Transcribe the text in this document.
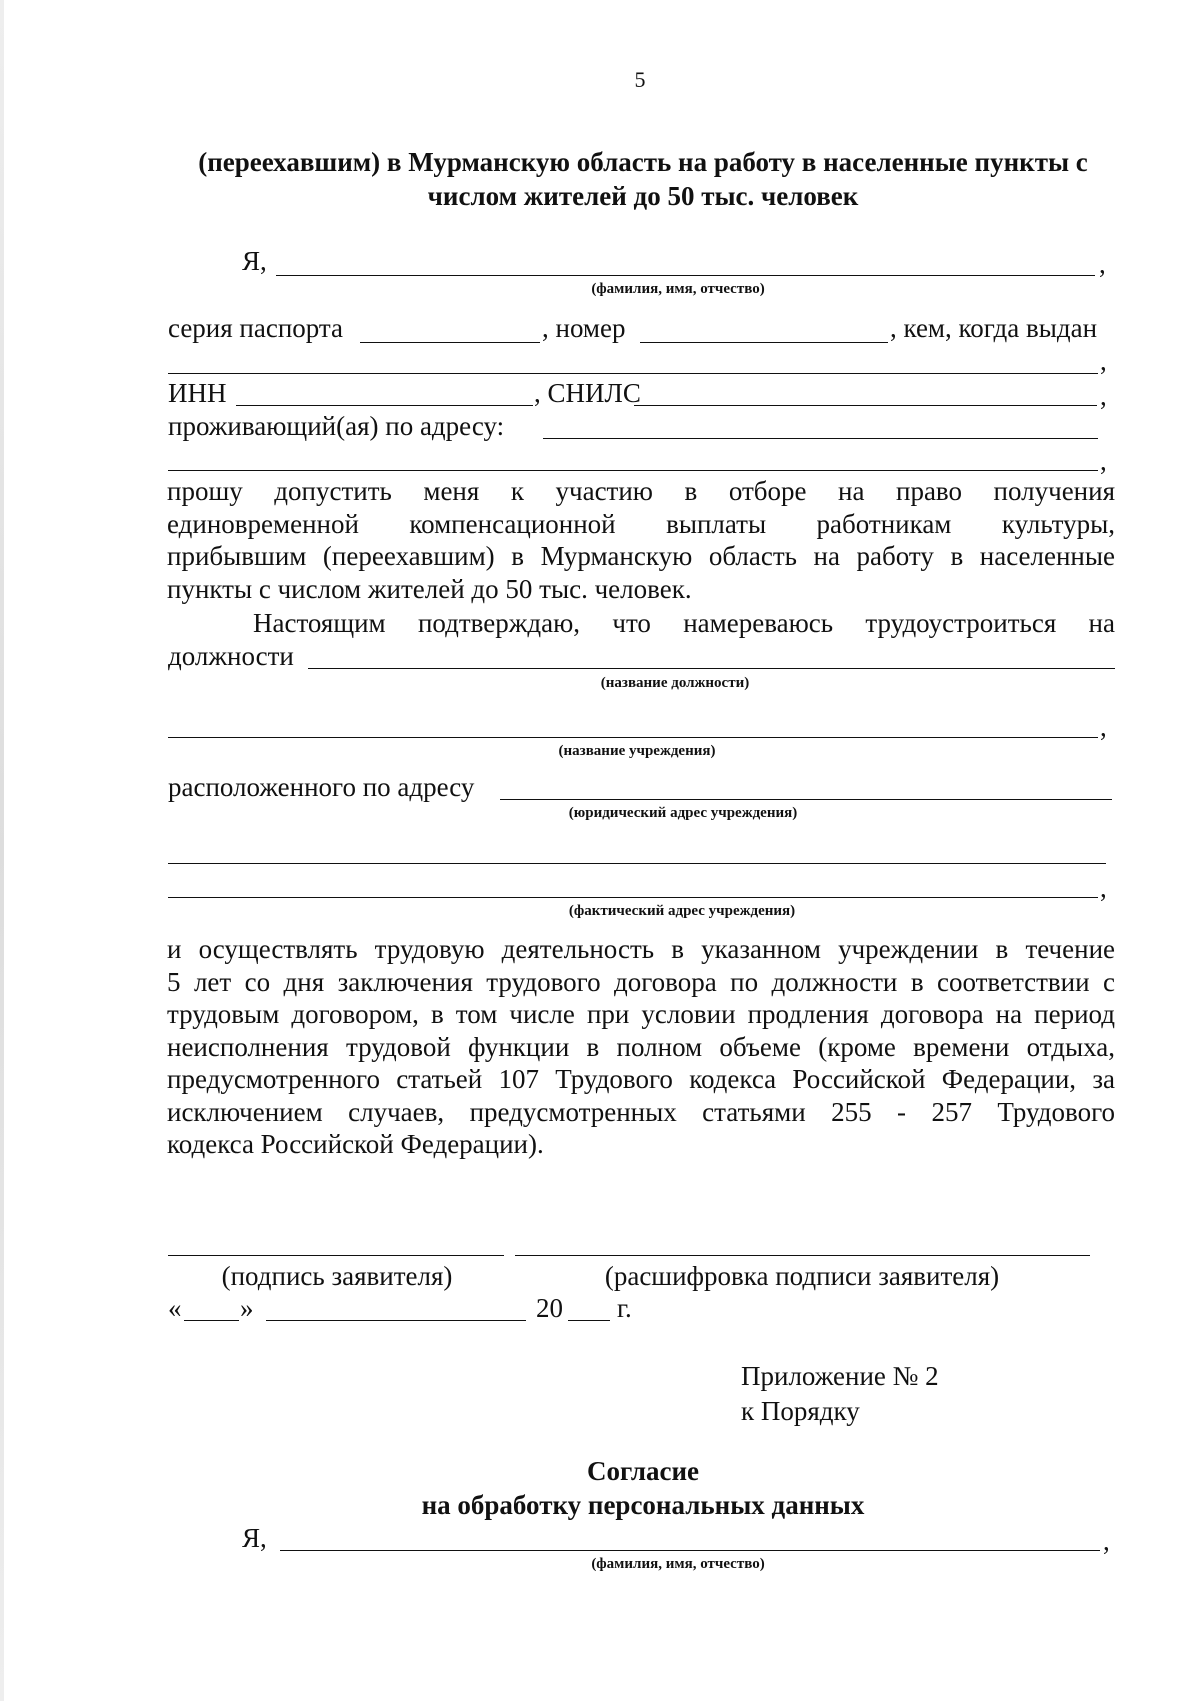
5
(переехавшим) в Мурманскую область на работу в населенные пункты с
числом жителей до 50 тыс. человек
Я,	,
(фамилия, имя, отчество)
серия паспорта	, номер	, кем, когда выдан
,
ИНН	, СНИЛС	,
проживающий(ая) по адресу:
,
прошу допустить меня к участию в отборе на право получения
единовременной компенсационной выплаты работникам культуры,
прибывшим (переехавшим) в Мурманскую область на работу в населенные
пункты с числом жителей до 50 тыс. человек.
Настоящим подтверждаю, что намереваюсь трудоустроиться на
должности
(название должности)
,
(название учреждения)
расположенного по адресу
(юридический адрес учреждения)
,
(фактический адрес учреждения)
и осуществлять трудовую деятельность в указанном учреждении в течение
5 лет со дня заключения трудового договора по должности в соответствии с
трудовым договором, в том числе при условии продления договора на период
неисполнения трудовой функции в полном объеме (кроме времени отдыха,
предусмотренного статьей 107 Трудового кодекса Российской Федерации, за
исключением случаев, предусмотренных статьями 255 - 257 Трудового
кодекса Российской Федерации).
(подпись заявителя)	(расшифровка подписи заявителя)
« »	20 г.
Приложение № 2
к Порядку
Согласие
на обработку персональных данных
Я,	,
(фамилия, имя, отчество)
